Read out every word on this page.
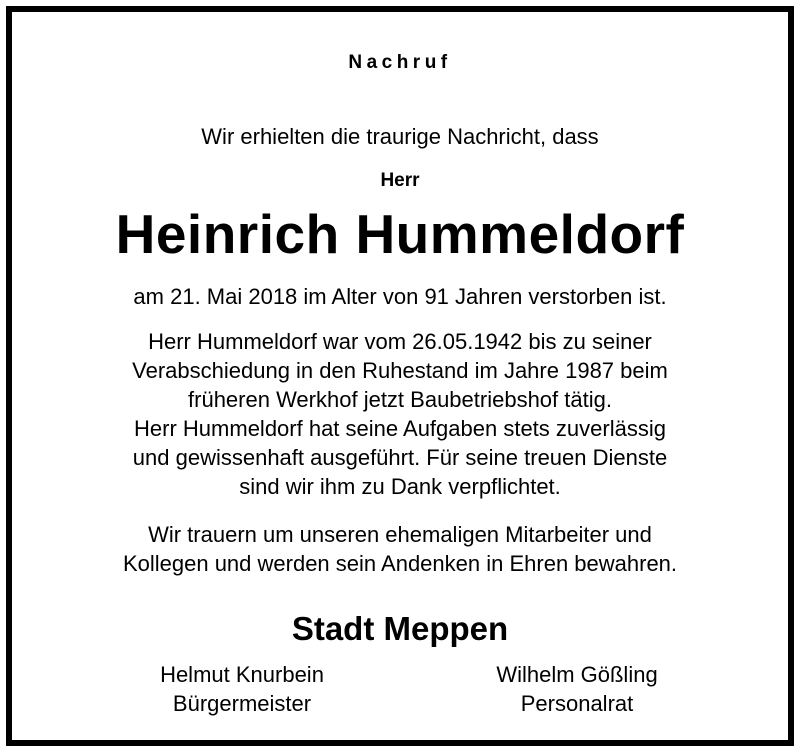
Nachruf
Wir erhielten die traurige Nachricht, dass
Herr
Heinrich Hummeldorf
am 21. Mai 2018 im Alter von 91 Jahren verstorben ist.
Herr Hummeldorf war vom 26.05.1942 bis zu seiner
Verabschiedung in den Ruhestand im Jahre 1987 beim
früheren Werkhof jetzt Baubetriebshof tätig.
Herr Hummeldorf hat seine Aufgaben stets zuverlässig
und gewissenhaft ausgeführt. Für seine treuen Dienste
sind wir ihm zu Dank verpflichtet.
Wir trauern um unseren ehemaligen Mitarbeiter und
Kollegen und werden sein Andenken in Ehren bewahren.
Stadt Meppen
Helmut Knurbein
Bürgermeister
Wilhelm Gößling
Personalrat
